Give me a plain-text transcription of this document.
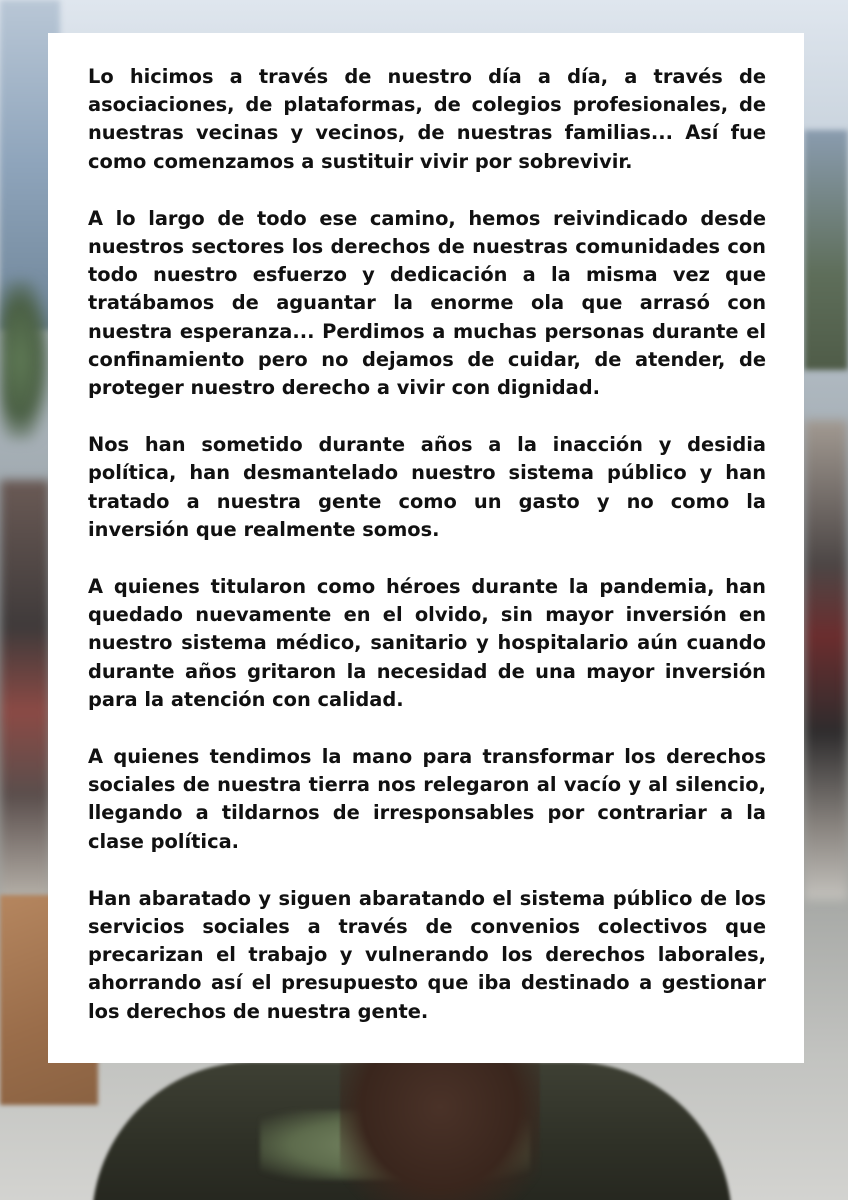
Lo hicimos a través de nuestro día a día, a través de asociaciones, de plataformas, de colegios profesionales, de nuestras vecinas y vecinos, de nuestras familias... Así fue como comenzamos a sustituir vivir por sobrevivir.

A lo largo de todo ese camino, hemos reivindicado desde nuestros sectores los derechos de nuestras comunidades con todo nuestro esfuerzo y dedicación a la misma vez que tratábamos de aguantar la enorme ola que arrasó con nuestra esperanza... Perdimos a muchas personas durante el confinamiento pero no dejamos de cuidar, de atender, de proteger nuestro derecho a vivir con dignidad.

Nos han sometido durante años a la inacción y desidia política, han desmantelado nuestro sistema público y han tratado a nuestra gente como un gasto y no como la inversión que realmente somos.

A quienes titularon como héroes durante la pandemia, han quedado nuevamente en el olvido, sin mayor inversión en nuestro sistema médico, sanitario y hospitalario aún cuando durante años gritaron la necesidad de una mayor inversión para la atención con calidad.

A quienes tendimos la mano para transformar los derechos sociales de nuestra tierra nos relegaron al vacío y al silencio, llegando a tildarnos de irresponsables por contrariar a la clase política.

Han abaratado y siguen abaratando el sistema público de los servicios sociales a través de convenios colectivos que precarizan el trabajo y vulnerando los derechos laborales, ahorrando así el presupuesto que iba destinado a gestionar los derechos de nuestra gente.
